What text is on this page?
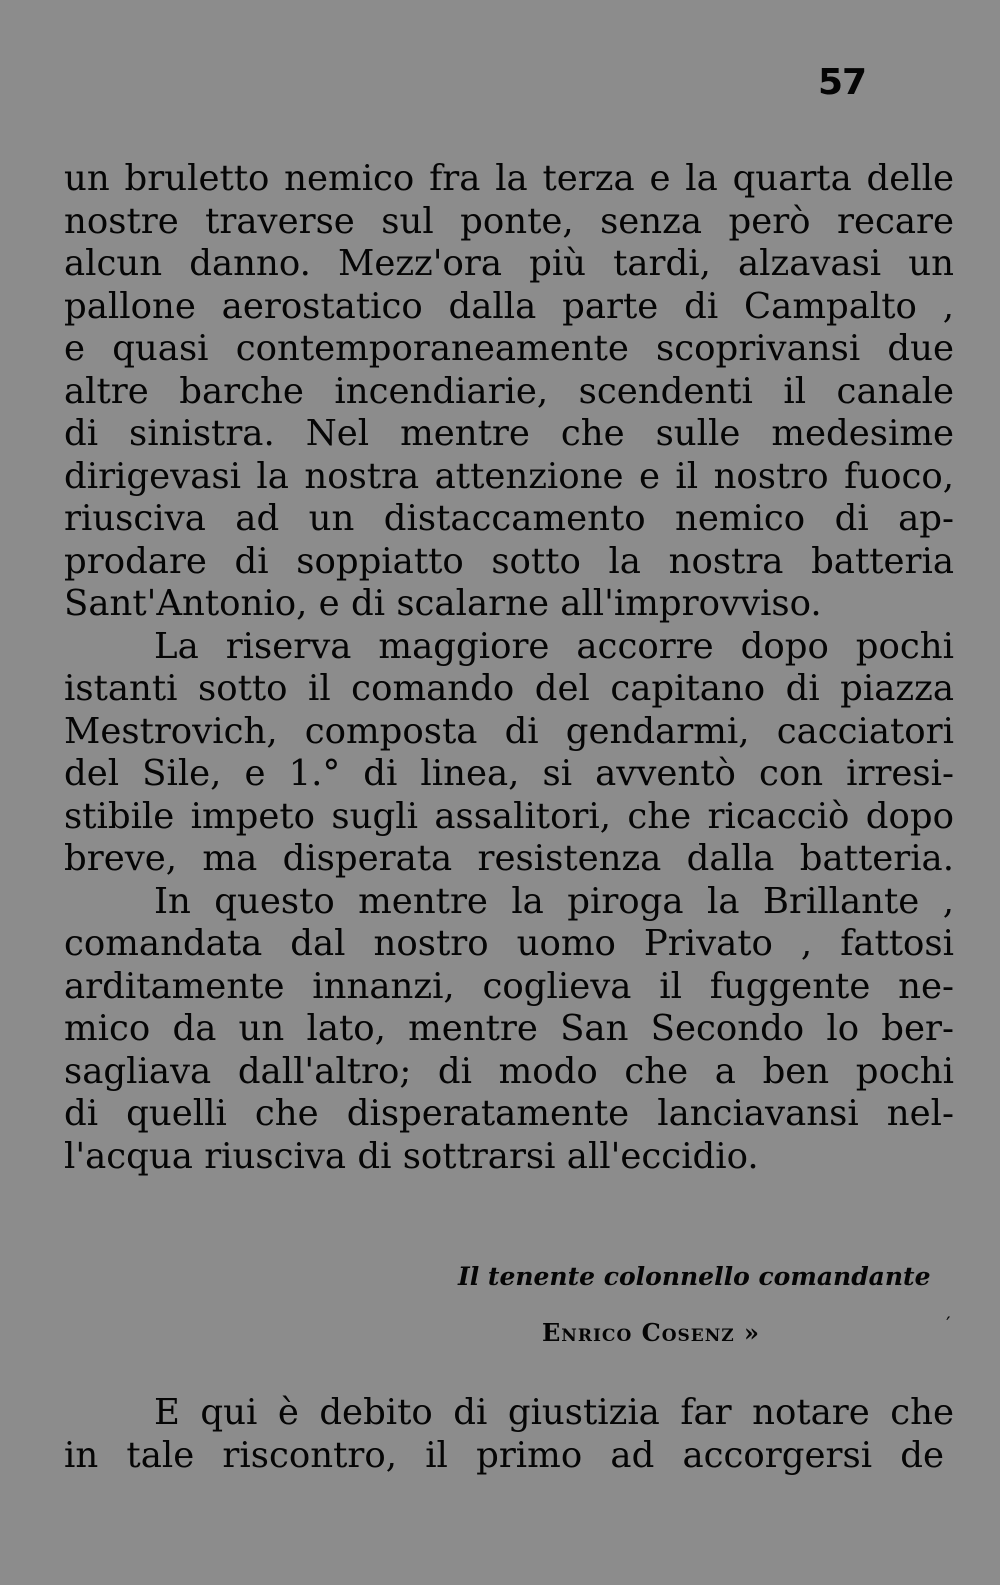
57
un bruletto nemico fra la terza e la quarta delle
nostre traverse sul ponte, senza però recare
alcun danno. Mezz'ora più tardi, alzavasi un
pallone aerostatico dalla parte di Campalto ,
e quasi contemporaneamente scoprivansi due
altre barche incendiarie, scendenti il canale
di sinistra. Nel mentre che sulle medesime
dirigevasi la nostra attenzione e il nostro fuoco,
riusciva ad un distaccamento nemico di ap-
prodare di soppiatto sotto la nostra batteria
Sant'Antonio, e di scalarne all'improvviso.
La riserva maggiore accorre dopo pochi
istanti sotto il comando del capitano di piazza
Mestrovich, composta di gendarmi, cacciatori
del Sile, e 1.° di linea, si avventò con irresi-
stibile impeto sugli assalitori, che ricacciò dopo
breve, ma disperata resistenza dalla batteria.
In questo mentre la piroga la Brillante ,
comandata dal nostro uomo Privato , fattosi
arditamente innanzi, coglieva il fuggente ne-
mico da un lato, mentre San Secondo lo ber-
sagliava dall'altro; di modo che a ben pochi
di quelli che disperatamente lanciavansi nel-
l'acqua riusciva di sottrarsi all'eccidio.
Il tenente colonnello comandante
Enrico Cosenz »	′
E qui è debito di giustizia far notare che
in tale riscontro, il primo ad accorgersi de
